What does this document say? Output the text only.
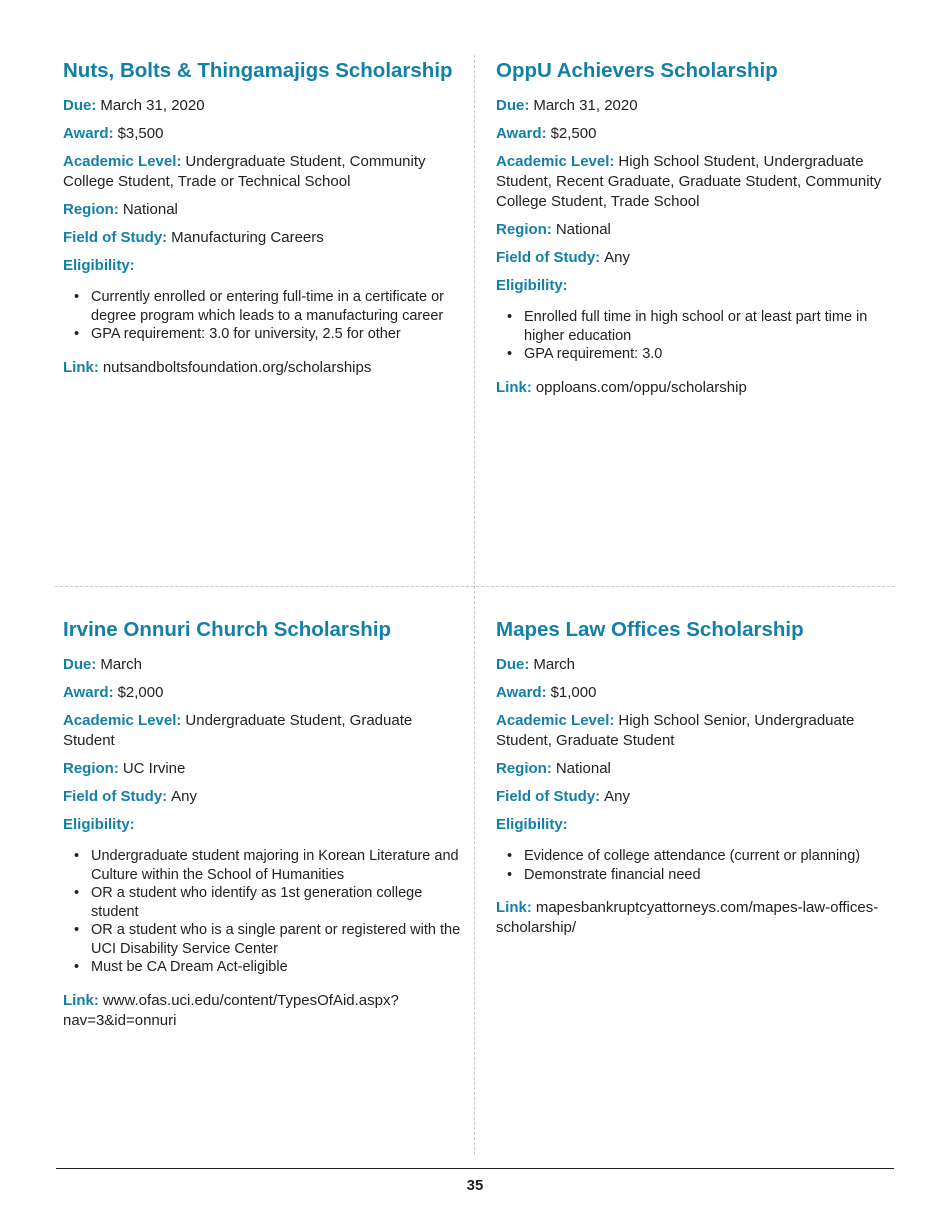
Nuts, Bolts & Thingamajigs Scholarship

Due: March 31, 2020

Award: $3,500

Academic Level: Undergraduate Student, Community College Student, Trade or Technical School

Region: National

Field of Study: Manufacturing Careers

Eligibility:

• Currently enrolled or entering full-time in a certificate or degree program which leads to a manufacturing career
• GPA requirement: 3.0 for university, 2.5 for other

Link: nutsandboltsfoundation.org/scholarships

OppU Achievers Scholarship

Due: March 31, 2020

Award: $2,500

Academic Level: High School Student, Undergraduate Student, Recent Graduate, Graduate Student, Community College Student, Trade School

Region: National

Field of Study: Any

Eligibility:

• Enrolled full time in high school or at least part time in higher education
• GPA requirement: 3.0

Link: opploans.com/oppu/scholarship

Irvine Onnuri Church Scholarship

Due: March

Award: $2,000

Academic Level: Undergraduate Student, Graduate Student

Region: UC Irvine

Field of Study: Any

Eligibility:

• Undergraduate student majoring in Korean Literature and Culture within the School of Humanities
• OR a student who identify as 1st generation college student
• OR a student who is a single parent or registered with the UCI Disability Service Center
• Must be CA Dream Act-eligible

Link: www.ofas.uci.edu/content/TypesOfAid.aspx?nav=3&id=onnuri

Mapes Law Offices Scholarship

Due: March

Award: $1,000

Academic Level: High School Senior, Undergraduate Student, Graduate Student

Region: National

Field of Study: Any

Eligibility:

• Evidence of college attendance (current or planning)
• Demonstrate financial need

Link: mapesbankruptcyattorneys.com/mapes-law-offices-scholarship/

35
